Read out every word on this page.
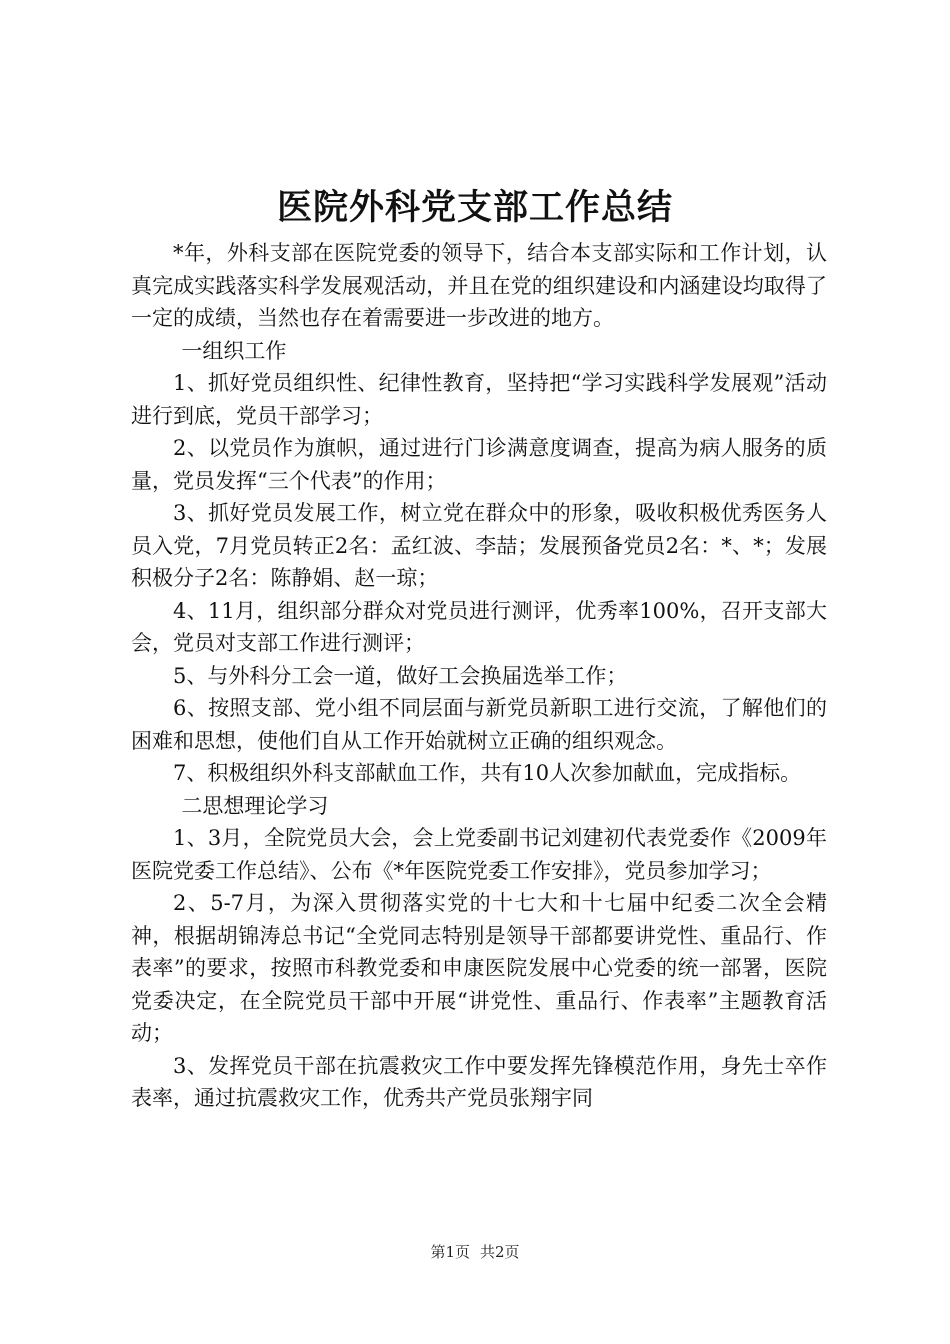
医院外科党支部工作总结

*年，外科支部在医院党委的领导下，结合本支部实际和工作计划，认真完成实践落实科学发展观活动，并且在党的组织建设和内涵建设均取得了一定的成绩，当然也存在着需要进一步改进的地方。

一组织工作

1、抓好党员组织性、纪律性教育，坚持把“学习实践科学发展观”活动进行到底，党员干部学习；

2、以党员作为旗帜，通过进行门诊满意度调查，提高为病人服务的质量，党员发挥“三个代表”的作用；

3、抓好党员发展工作，树立党在群众中的形象，吸收积极优秀医务人员入党，7月党员转正2名：孟红波、李喆；发展预备党员2名：*、*；发展积极分子2名：陈静娟、赵一琼；

4、11月，组织部分群众对党员进行测评，优秀率100%，召开支部大会，党员对支部工作进行测评；

5、与外科分工会一道，做好工会换届选举工作；

6、按照支部、党小组不同层面与新党员新职工进行交流，了解他们的困难和思想，使他们自从工作开始就树立正确的组织观念。

7、积极组织外科支部献血工作，共有10人次参加献血，完成指标。

二思想理论学习

1、3月，全院党员大会，会上党委副书记刘建初代表党委作《2009年医院党委工作总结》、公布《*年医院党委工作安排》，党员参加学习；

2、5-7月，为深入贯彻落实党的十七大和十七届中纪委二次全会精神，根据胡锦涛总书记“全党同志特别是领导干部都要讲党性、重品行、作表率”的要求，按照市科教党委和申康医院发展中心党委的统一部署，医院党委决定，在全院党员干部中开展“讲党性、重品行、作表率”主题教育活动；

3、发挥党员干部在抗震救灾工作中要发挥先锋模范作用，身先士卒作表率，通过抗震救灾工作，优秀共产党员张翔宇同

第1页 共2页
